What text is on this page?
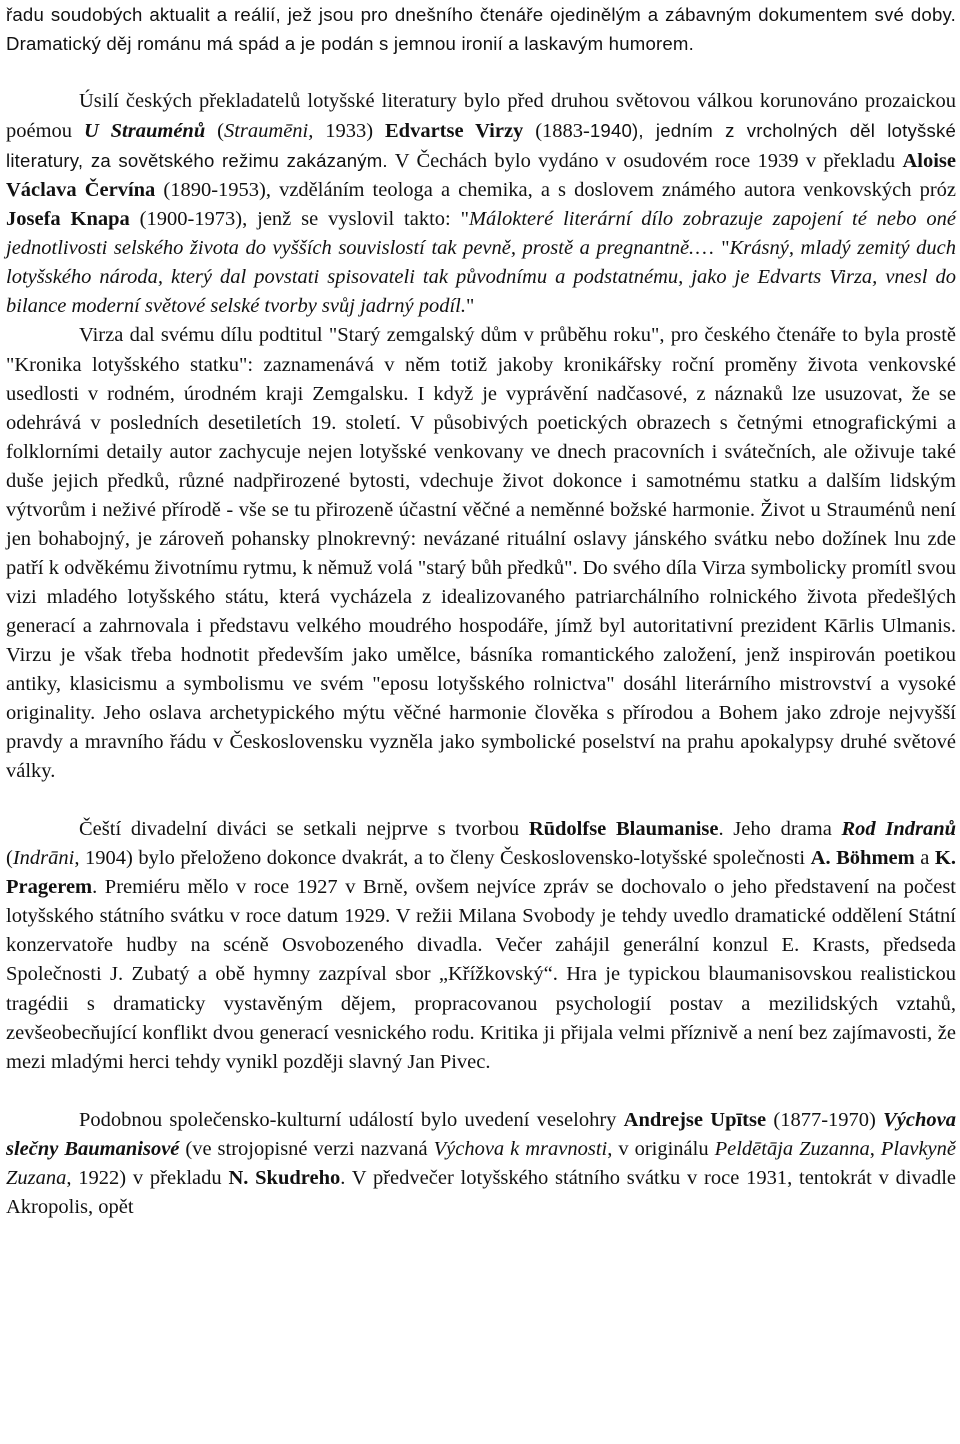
řadu soudobých aktualit a reálií, jež jsou pro dnešního čtenáře ojedinělým a zábavným dokumentem své doby. Dramatický děj románu má spád a je podán s jemnou ironií a laskavým humorem.

Úsilí českých překladatelů lotyšské literatury bylo před druhou světovou válkou korunováno prozaickou poémou U Strauménů (Straumēni, 1933) Edvartse Virzy (1883-1940), jedním z vrcholných děl lotyšské literatury, za sovětského režimu zakázaným. V Čechách bylo vydáno v osudovém roce 1939 v překladu Aloise Václava Červína (1890-1953), vzděláním teologa a chemika, a s doslovem známého autora venkovských próz Josefa Knapa (1900-1973), jenž se vyslovil takto: "Málokteré literární dílo zobrazuje zapojení té nebo oné jednotlivosti selského života do vyšších souvislostí tak pevně, prostě a pregnantně.… "Krásný, mladý zemitý duch lotyšského národa, který dal povstati spisovateli tak původnímu a podstatnému, jako je Edvarts Virza, vnesl do bilance moderní světové selské tvorby svůj jadrný podíl."

Virza dal svému dílu podtitul "Starý zemgalský dům v průběhu roku", pro českého čtenáře to byla prostě "Kronika lotyšského statku": zaznamenává v něm totiž jakoby kronikářsky roční proměny života venkovské usedlosti v rodném, úrodném kraji Zemgalsku. I když je vyprávění nadčasové, z náznaků lze usuzovat, že se odehrává v posledních desetiletích 19. století. V působivých poetických obrazech s četnými etnografickými a folklorními detaily autor zachycuje nejen lotyšské venkovany ve dnech pracovních i svátečních, ale oživuje také duše jejich předků, různé nadpřirozené bytosti, vdechuje život dokonce i samotnému statku a dalším lidským výtvorům i neživé přírodě - vše se tu přirozeně účastní věčné a neměnné božské harmonie. Život u Strauménů není jen bohabojný, je zároveň pohansky plnokrevný: nevázané rituální oslavy jánského svátku nebo dožínek lnu zde patří k odvěkému životnímu rytmu, k němuž volá "starý bůh předků". Do svého díla Virza symbolicky promítl svou vizi mladého lotyšského státu, která vycházela z idealizovaného patriarchálního rolnického života předešlých generací a zahrnovala i představu velkého moudrého hospodáře, jímž byl autoritativní prezident Kārlis Ulmanis. Virzu je však třeba hodnotit především jako umělce, básníka romantického založení, jenž inspirován poetikou antiky, klasicismu a symbolismu ve svém "eposu lotyšského rolnictva" dosáhl literárního mistrovství a vysoké originality. Jeho oslava archetypického mýtu věčné harmonie člověka s přírodou a Bohem jako zdroje nejvyšší pravdy a mravního řádu v Československu vyzněla jako symbolické poselství na prahu apokalypsy druhé světové války.

Čeští divadelní diváci se setkali nejprve s tvorbou Rūdolfse Blaumanise. Jeho drama Rod Indranů (Indrāni, 1904) bylo přeloženo dokonce dvakrát, a to členy Československo-lotyšské společnosti A. Böhmem a K. Pragerem. Premiéru mělo v roce 1927 v Brně, ovšem nejvíce zpráv se dochovalo o jeho představení na počest lotyšského státního svátku v roce datum 1929. V režii Milana Svobody je tehdy uvedlo dramatické oddělení Státní konzervatoře hudby na scéně Osvobozeného divadla. Večer zahájil generální konzul E. Krasts, předseda Společnosti J. Zubatý a obě hymny zazpíval sbor „Křížkovský“. Hra je typickou blaumanisovskou realistickou tragédii s dramaticky vystavěným dějem, propracovanou psychologií postav a mezilidských vztahů, zevšeobecňující konflikt dvou generací vesnického rodu. Kritika ji přijala velmi příznivě a není bez zajímavosti, že mezi mladými herci tehdy vynikl později slavný Jan Pivec.

Podobnou společensko-kulturní událostí bylo uvedení veselohry Andrejse Upītse (1877-1970) Výchova slečny Baumanisové (ve strojopisné verzi nazvaná Výchova k mravnosti, v originálu Peldētāja Zuzanna, Plavkyně Zuzana, 1922) v překladu N. Skudreho. V předvečer lotyšského státního svátku v roce 1931, tentokrát v divadle Akropolis, opět
